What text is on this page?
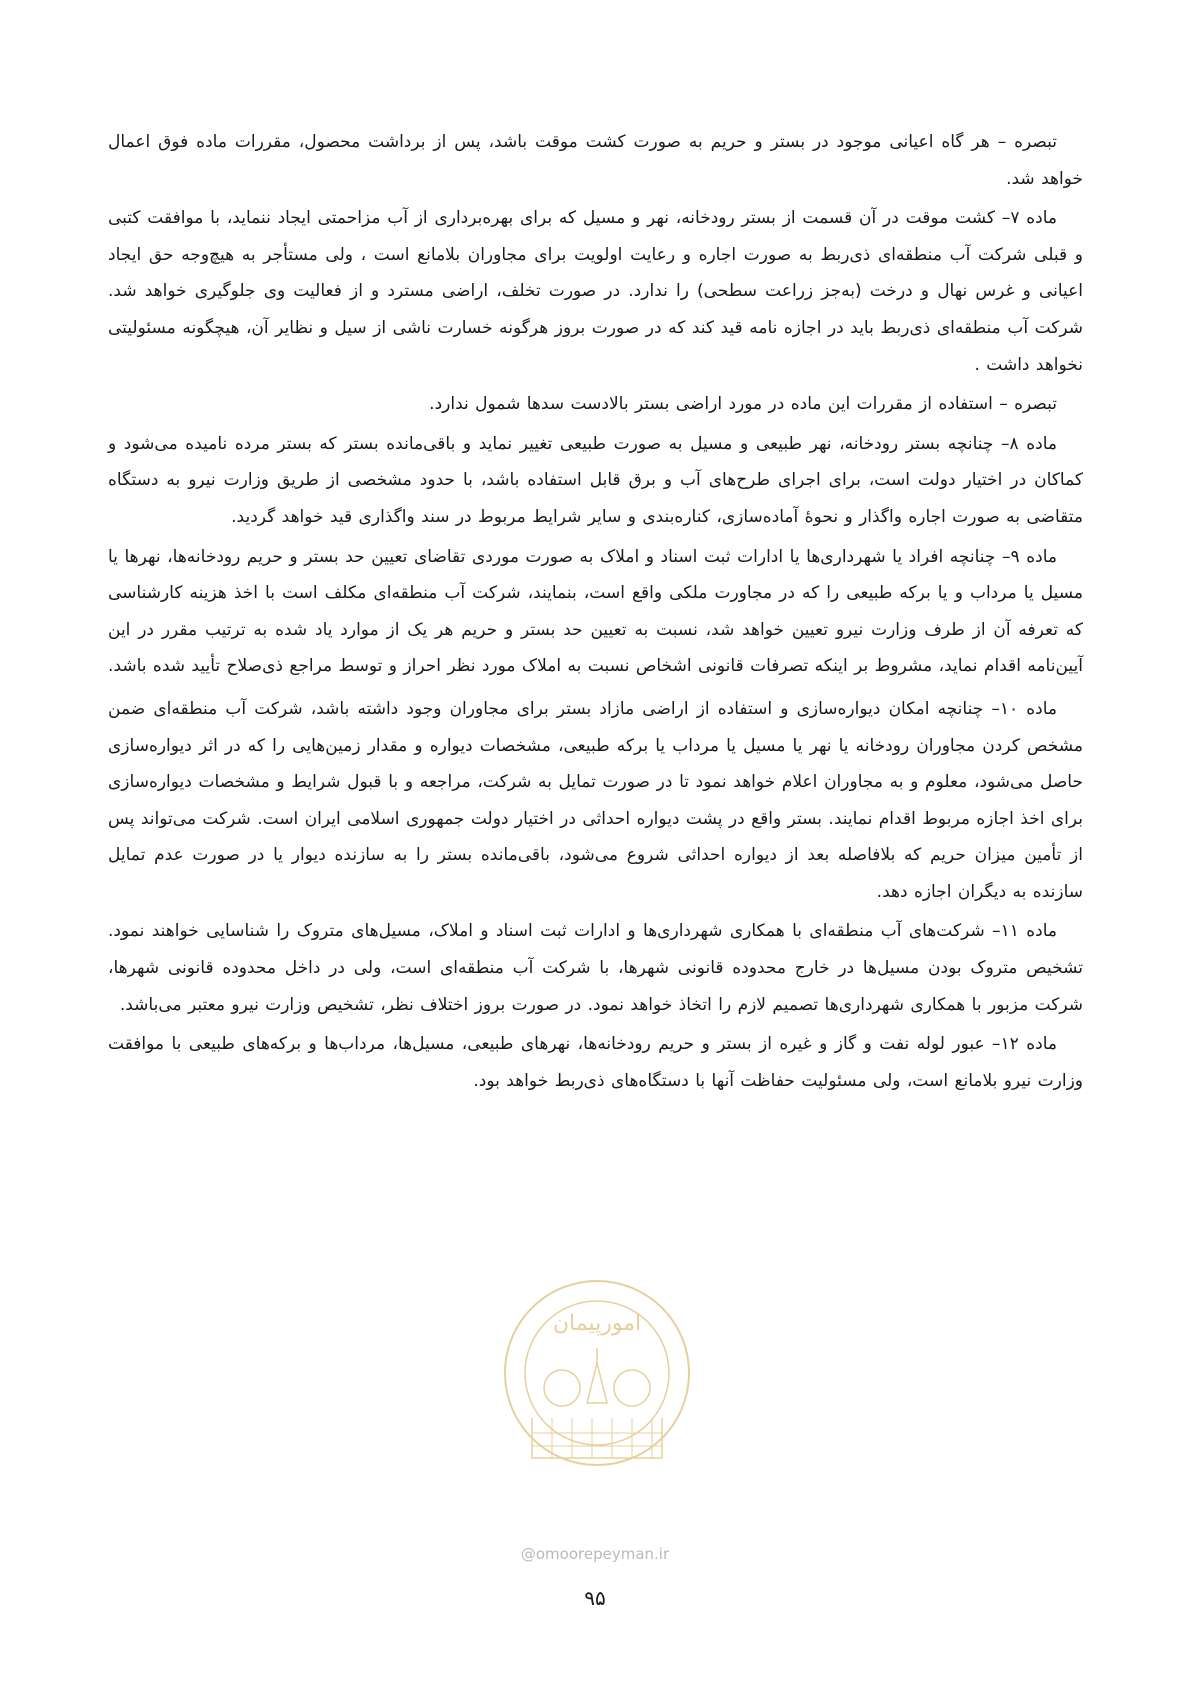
تبصره – هر گاه اعیانی موجود در بستر و حریم به صورت کشت موقت باشد، پس از برداشت محصول، مقررات ماده فوق اعمال خواهد شد.

ماده ۷– کشت موقت در آن قسمت از بستر رودخانه، نهر و مسیل که برای بهره‌برداری از آب مزاحمتی ایجاد ننماید، با موافقت کتبی و قبلی شرکت آب منطقه‌ای ذی‌ربط به صورت اجاره و رعایت اولویت برای مجاوران بلامانع است ، ولی مستأجر به هیچ‌وجه حق ایجاد اعیانی و غرس نهال و درخت (به‌جز زراعت سطحی) را ندارد. در صورت تخلف، اراضی مسترد و از فعالیت وی جلوگیری خواهد شد. شرکت آب منطقه‌ای ذی‌ربط باید در اجازه نامه قید کند که در صورت بروز هرگونه خسارت ناشی از سیل و نظایر آن، هیچگونه مسئولیتی نخواهد داشت .

تبصره – استفاده از مقررات این ماده در مورد اراضی بستر بالادست سدها شمول ندارد.

ماده ۸– چنانچه بستر رودخانه، نهر طبیعی و مسیل به صورت طبیعی تغییر نماید و باقی‌مانده بستر که بستر مرده نامیده می‌شود و کماکان در اختیار دولت است، برای اجرای طرح‌های آب و برق قابل استفاده باشد، با حدود مشخصی از طریق وزارت نیرو به دستگاه متقاضی به صورت اجاره واگذار و نحوهٔ آماده‌سازی، کناره‌بندی و سایر شرایط مربوط در سند واگذاری قید خواهد گردید.

ماده ۹– چنانچه افراد یا شهرداری‌ها یا ادارات ثبت اسناد و املاک به صورت موردی تقاضای تعیین حد بستر و حریم رودخانه‌ها، نهرها یا مسیل یا مرداب و یا برکه طبیعی را که در مجاورت ملکی واقع است، بنمایند، شرکت آب منطقه‌ای مکلف است با اخذ هزینه کارشناسی که تعرفه آن از طرف وزارت نیرو تعیین خواهد شد، نسبت به تعیین حد بستر و حریم هر یک از موارد یاد شده به ترتیب مقرر در این آیین‌نامه اقدام نماید، مشروط بر اینکه تصرفات قانونی اشخاص نسبت به املاک مورد نظر احراز و توسط مراجع ذی‌صلاح تأیید شده باشد.

ماده ۱۰– چنانچه امکان دیواره‌سازی و استفاده از اراضی مازاد بستر برای مجاوران وجود داشته باشد، شرکت آب منطقه‌ای ضمن مشخص کردن مجاوران رودخانه یا نهر یا مسیل یا مرداب یا برکه طبیعی، مشخصات دیواره و مقدار زمین‌هایی را که در اثر دیواره‌سازی حاصل می‌شود، معلوم و به مجاوران اعلام خواهد نمود تا در صورت تمایل به شرکت، مراجعه و با قبول شرایط و مشخصات دیواره‌سازی برای اخذ اجازه مربوط اقدام نمایند. بستر واقع در پشت دیواره احداثی در اختیار دولت جمهوری اسلامی ایران است. شرکت می‌تواند پس از تأمین میزان حریم که بلافاصله بعد از دیواره احداثی شروع می‌شود، باقی‌مانده بستر را به سازنده دیوار یا در صورت عدم تمایل سازنده به دیگران اجازه دهد.

ماده ۱۱– شرکت‌های آب منطقه‌ای با همکاری شهرداری‌ها و ادارات ثبت اسناد و املاک، مسیل‌های متروک را شناسایی خواهند نمود. تشخیص متروک بودن مسیل‌ها در خارج محدوده قانونی شهرها، با شرکت آب منطقه‌ای است، ولی در داخل محدوده قانونی شهرها، شرکت مزبور با همکاری شهرداری‌ها تصمیم لازم را اتخاذ خواهد نمود. در صورت بروز اختلاف نظر، تشخیص وزارت نیرو معتبر می‌باشد.

ماده ۱۲– عبور لوله نفت و گاز و غیره از بستر و حریم رودخانه‌ها، نهرهای طبیعی، مسیل‌ها، مرداب‌ها و برکه‌های طبیعی با موافقت وزارت نیرو بلامانع است، ولی مسئولیت حفاظت آنها با دستگاه‌های ذی‌ربط خواهد بود.

امورپیمان
@omoorepeyman.ir
۹۵
